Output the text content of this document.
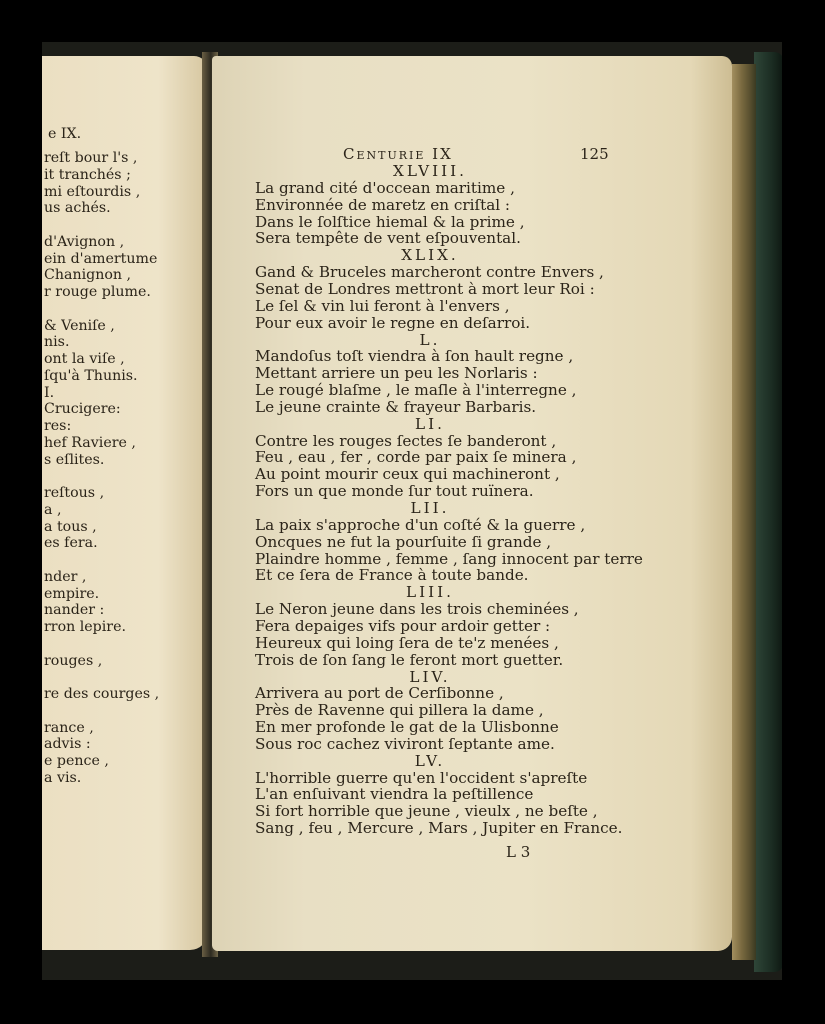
e IX.
reſt bour l's ,
it tranchés ;
mi eſtourdis ,
us achés.
d'Avignon ,
ein d'amertume
Chanignon ,
r rouge plume.
& Veniſe ,
nis.
ont la viſe ,
ſqu'à Thunis.
I.
Crucigere:
res:
hef Raviere ,
s eſlites.
reſtous ,
a ,
a tous ,
es fera.
nder ,
empire.
nander :
rron lepire.
rouges ,
re des courges ,
rance ,
advis :
e pence ,
a vis.
Centurie IX	125
XLVIII.
La grand cité d'occean maritime ,
Environnée de maretz en criſtal :
Dans le ſolſtice hiemal & la prime ,
Sera tempête de vent eſpouvental.
XLIX.
Gand & Bruceles marcheront contre Envers ,
Senat de Londres mettront à mort leur Roi :
Le ſel & vin lui feront à l'envers ,
Pour eux avoir le regne en deſarroi.
L.
Mandoſus toſt viendra à ſon hault regne ,
Mettant arriere un peu les Norlaris :
Le rougé blaſme , le maſle à l'interregne ,
Le jeune crainte & frayeur Barbaris.
LI.
Contre les rouges ſectes ſe banderont ,
Feu , eau , fer , corde par paix ſe minera ,
Au point mourir ceux qui machineront ,
Fors un que monde ſur tout ruïnera.
LII.
La paix s'approche d'un coſté & la guerre ,
Oncques ne fut la pourſuite ſi grande ,
Plaindre homme , femme , ſang innocent par terre
Et ce ſera de France à toute bande.
LIII.
Le Neron jeune dans les trois cheminées ,
Fera depaiges vifs pour ardoir getter :
Heureux qui loing ſera de te'z menées ,
Trois de ſon ſang le feront mort guetter.
LIV.
Arrivera au port de Cerſibonne ,
Près de Ravenne qui pillera la dame ,
En mer profonde le gat de la Ulisbonne
Sous roc cachez viviront ſeptante ame.
LV.
L'horrible guerre qu'en l'occident s'apreſte
L'an enſuivant viendra la peſtillence
Si fort horrible que jeune , vieulx , ne beſte ,
Sang , feu , Mercure , Mars , Jupiter en France.
L 3
